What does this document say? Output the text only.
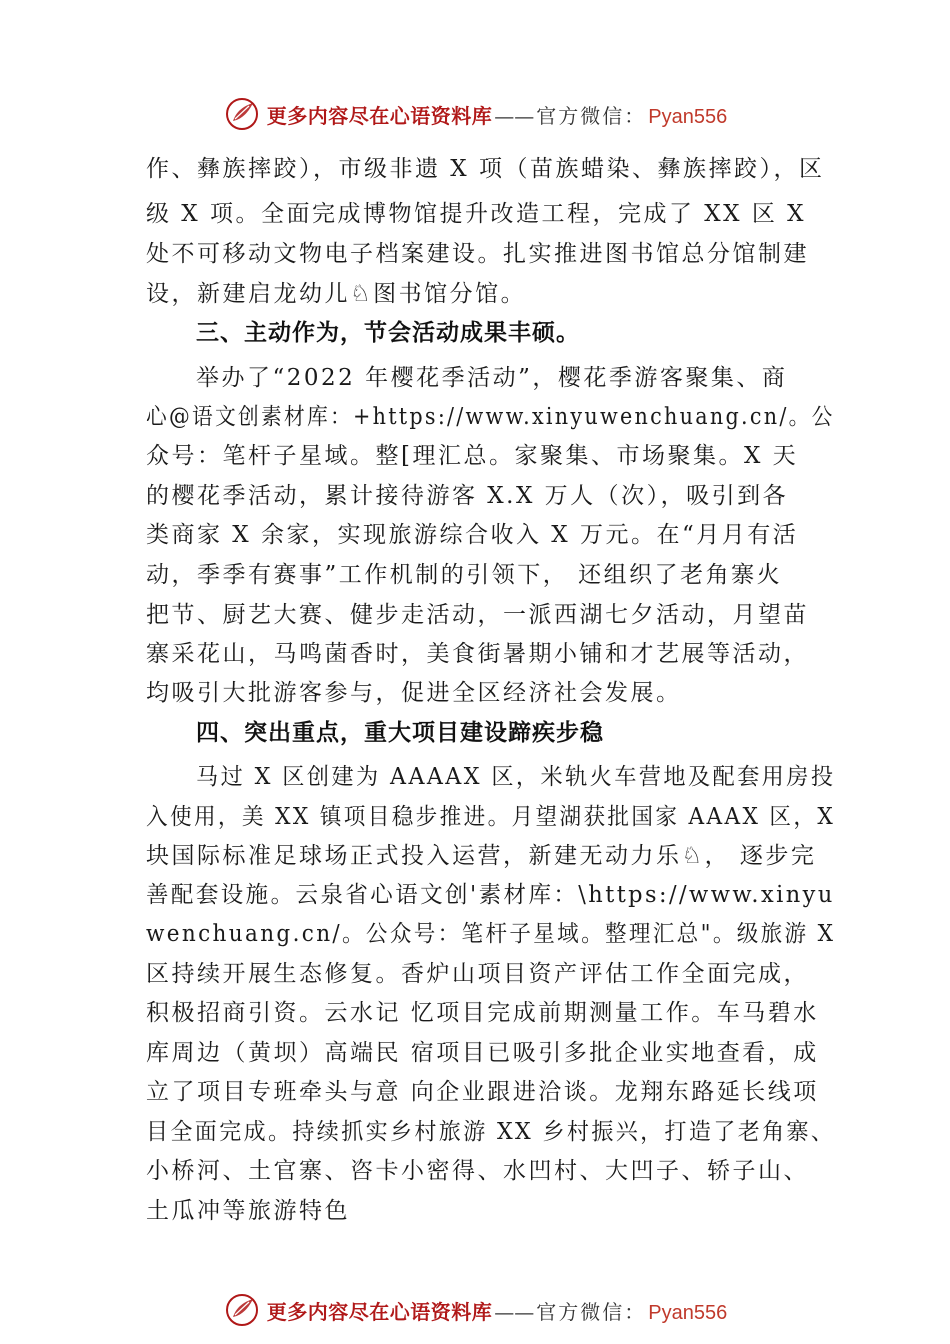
更多内容尽在心语资料库 —— 官方微信： Pyan556
作、彝族摔跤），市级非遗 X 项（苗族蜡染、彝族摔跤），区
级 X 项。全面完成博物馆提升改造工程，完成了 XX 区 X
处不可移动文物电子档案建设。扎实推进图书馆总分馆制建
设，新建启龙幼儿♘图书馆分馆。
三、主动作为，节会活动成果丰硕。
举办了“2022 年樱花季活动”，樱花季游客聚集、商
心@语文创素材库：+https://www.xinyuwenchuang.cn/。公
众号：笔杆子星域。整[理汇总。家聚集、市场聚集。X 天
的樱花季活动，累计接待游客 X.X 万人（次），吸引到各
类商家 X 余家，实现旅游综合收入 X 万元。在“月月有活
动，季季有赛事”工作机制的引领下， 还组织了老角寨火
把节、厨艺大赛、健步走活动，一派西湖七夕活动，月望苗
寨采花山，马鸣菌香时，美食街暑期小铺和才艺展等活动，
均吸引大批游客参与，促进全区经济社会发展。
四、突出重点，重大项目建设蹄疾步稳
马过 X 区创建为 AAAAX 区，米轨火车营地及配套用房投
入使用，美 XX 镇项目稳步推进。月望湖获批国家 AAAX 区，X
块国际标准足球场正式投入运营，新建无动力乐♘， 逐步完
善配套设施。云泉省心语文创'素材库：\https://www.xinyu
wenchuang.cn/。公众号：笔杆子星域。整理汇总"。级旅游 X
区持续开展生态修复。香炉山项目资产评估工作全面完成，
积极招商引资。云水记 忆项目完成前期测量工作。车马碧水
库周边（黄坝）高端民 宿项目已吸引多批企业实地查看，成
立了项目专班牵头与意 向企业跟进洽谈。龙翔东路延长线项
目全面完成。持续抓实乡村旅游 XX 乡村振兴，打造了老角寨、
小桥河、土官寨、咨卡小密得、水凹村、大凹子、轿子山、
土瓜冲等旅游特色
更多内容尽在心语资料库 —— 官方微信： Pyan556
